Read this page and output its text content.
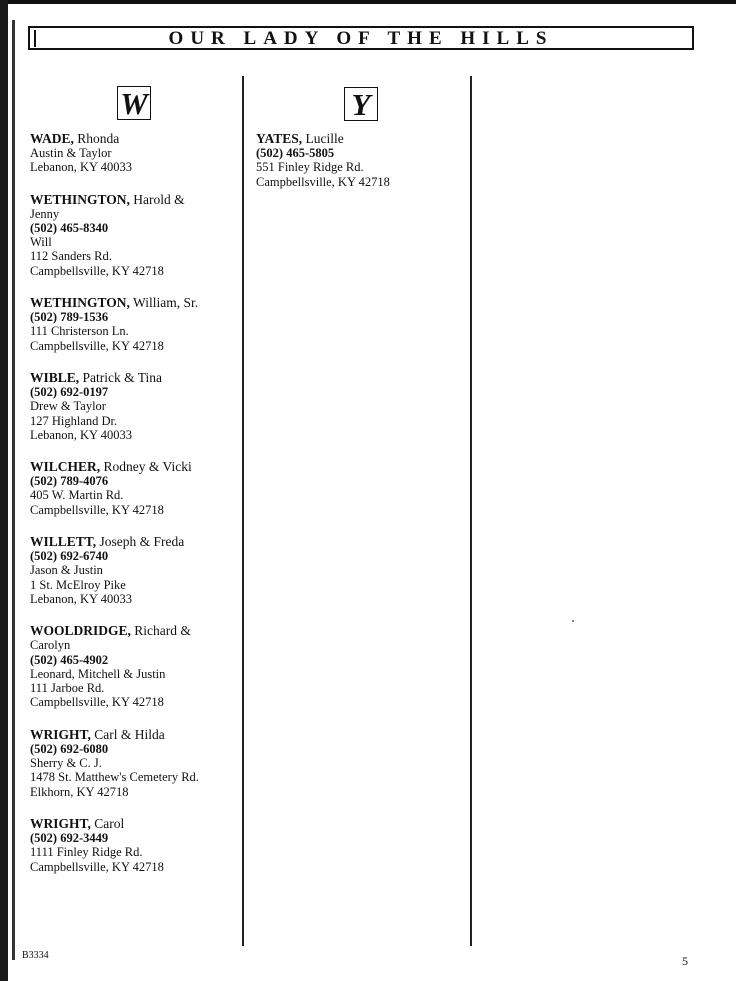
OUR LADY OF THE HILLS
W	Y
WADE, Rhonda
Austin & Taylor
Lebanon, KY 40033
WETHINGTON, Harold &
Jenny
(502) 465-8340
Will
112 Sanders Rd.
Campbellsville, KY 42718
WETHINGTON, William, Sr.
(502) 789-1536
111 Christerson Ln.
Campbellsville, KY 42718
WIBLE, Patrick & Tina
(502) 692-0197
Drew & Taylor
127 Highland Dr.
Lebanon, KY 40033
WILCHER, Rodney & Vicki
(502) 789-4076
405 W. Martin Rd.
Campbellsville, KY 42718
WILLETT, Joseph & Freda
(502) 692-6740
Jason & Justin
1 St. McElroy Pike
Lebanon, KY 40033
WOOLDRIDGE, Richard &
Carolyn
(502) 465-4902
Leonard, Mitchell & Justin
111 Jarboe Rd.
Campbellsville, KY 42718
WRIGHT, Carl & Hilda
(502) 692-6080
Sherry & C. J.
1478 St. Matthew's Cemetery Rd.
Elkhorn, KY 42718
WRIGHT, Carol
(502) 692-3449
1111 Finley Ridge Rd.
Campbellsville, KY 42718
YATES, Lucille
(502) 465-5805
551 Finley Ridge Rd.
Campbellsville, KY 42718
B3334	5
